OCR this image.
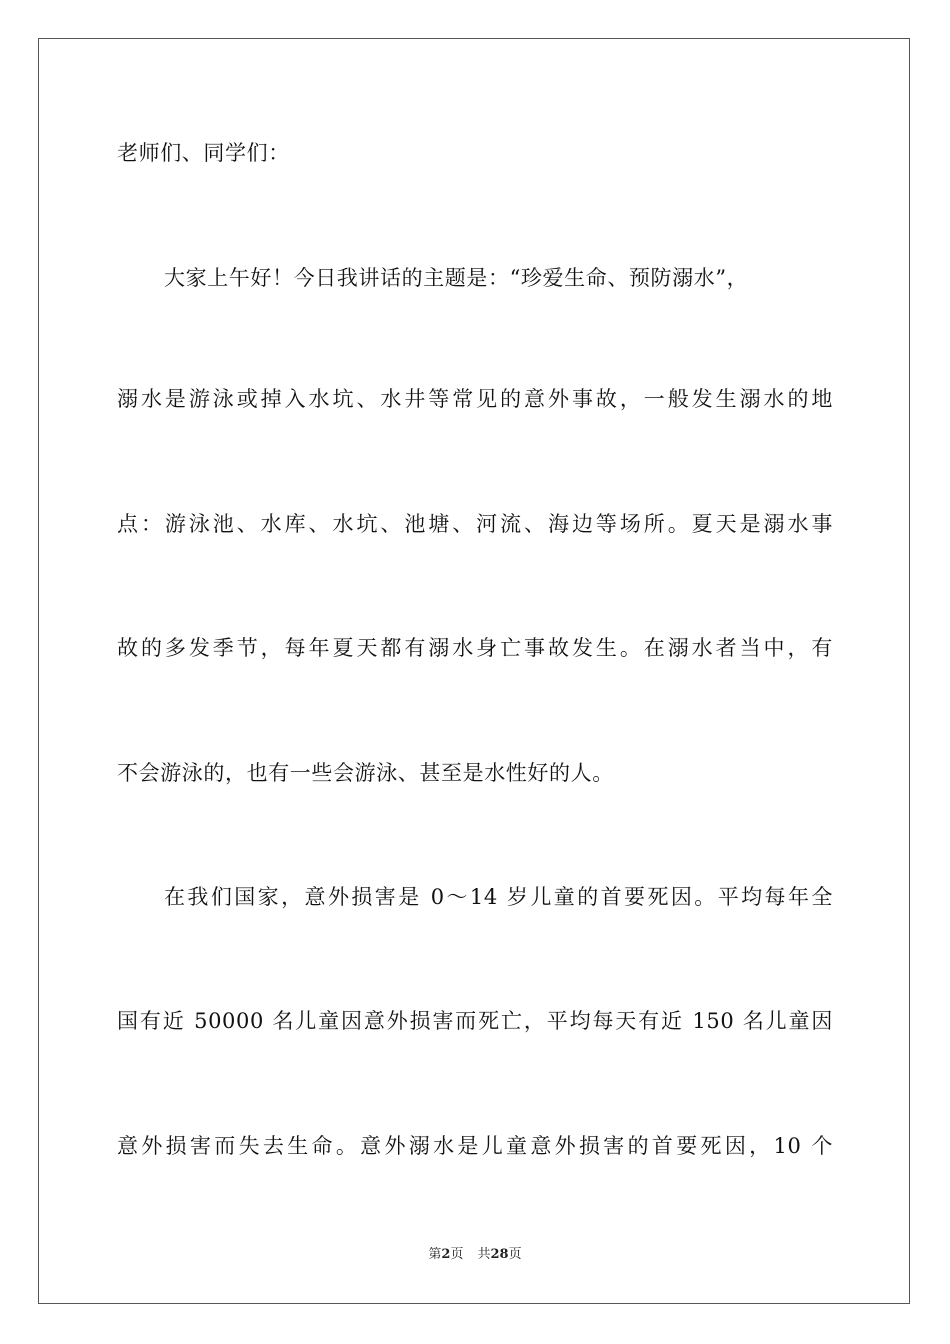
老师们、同学们：
大家上午好！今日我讲话的主题是：“珍爱生命、预防溺水”，
溺水是游泳或掉入水坑、水井等常见的意外事故，一般发生溺水的地
点：游泳池、水库、水坑、池塘、河流、海边等场所。夏天是溺水事
故的多发季节，每年夏天都有溺水身亡事故发生。在溺水者当中，有
不会游泳的，也有一些会游泳、甚至是水性好的人。
在我们国家，意外损害是 0～14 岁儿童的首要死因。平均每年全
国有近 50000 名儿童因意外损害而死亡，平均每天有近 150 名儿童因
意外损害而失去生命。意外溺水是儿童意外损害的首要死因，10 个
第2页 共28页
